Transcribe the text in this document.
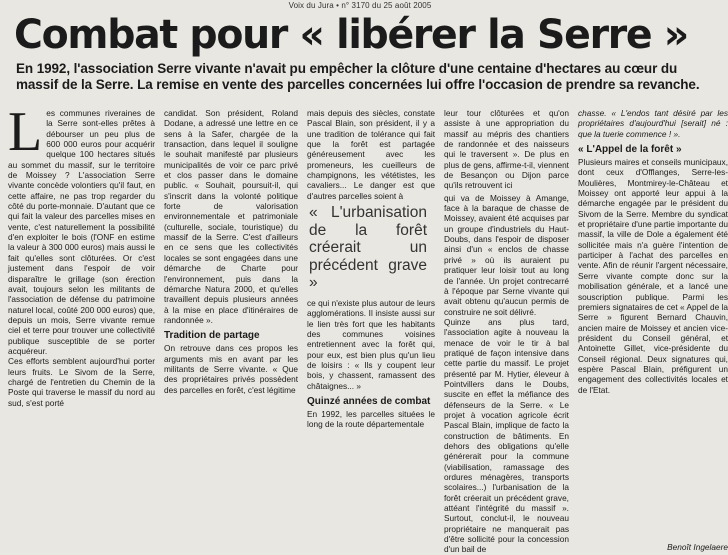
Voix du Jura • n° 3170 du 25 août 2005
Combat pour « libérer la Serre »
En 1992, l'association Serre vivante n'avait pu empêcher la clôture d'une centaine d'hectares au cœur du massif de la Serre. La remise en vente des parcelles concernées lui offre l'occasion de prendre sa revanche.
L es communes riveraines de la Serre sont-elles prêtes à débourser un peu plus de 600 000 euros pour acquérir quelque 100 hectares situés au sommet du massif, sur le territoire de Moissey ? L'association Serre vivante concède volontiers qu'il faut, en cette affaire, ne pas trop regarder du côté du porte-monnaie. D'autant que ce qui fait la valeur des parcelles mises en vente, c'est naturellement la possibilité d'en exploiter le bois (l'ONF en estime la valeur à 300 000 euros) mais aussi le fait qu'elles sont clôturées. Or c'est justement dans l'espoir de voir disparaître le grillage (son érection avait, toujours selon les militants de l'association de défense du patrimoine naturel local, coûté 200 000 euros) que, depuis un mois, Serre vivante remue ciel et terre pour trouver une collectivité publique susceptible de se porter acquéreur.

Ces efforts semblent aujourd'hui porter leurs fruits. Le Sivom de la Serre, chargé de l'entretien du Chemin de la Poste qui traverse le massif du nord au sud, s'est porté

candidat. Son président, Roland Dodane, a adressé une lettre en ce sens à la Safer, chargée de la transaction, dans lequel il souligne le souhait manifesté par plusieurs municipalités de voir ce parc privé et clos passer dans le domaine public. « Souhait, poursuit-il, qui s'inscrit dans la volonté politique forte de valorisation environnementale et patrimoniale (culturelle, sociale, touristique) du massif de la Serre. C'est d'ailleurs en ce sens que les collectivités locales se sont engagées dans une démarche de Charte pour l'environnement, puis dans la démarche Natura 2000, et qu'elles travaillent depuis plusieurs années à la mise en place d'itinéraires de randonnée ».

Tradition de partage

On retrouve dans ces propos les arguments mis en avant par les militants de Serre vivante. « Que des propriétaires privés possèdent des parcelles en forêt, c'est légitime

mais depuis des siècles, constate Pascal Blain, son président, il y a une tradition de tolérance qui fait que la forêt est partagée généreusement avec les promeneurs, les cueilleurs de champignons, les vététistes, les cavaliers... Le danger est que d'autres parcelles soient à

« L'urbanisation de la forêt créerait un précédent grave »

ce qui n'existe plus autour de leurs agglomérations. Il insiste aussi sur le lien très fort que les habitants des communes voisines entretiennent avec la forêt qui, pour eux, est bien plus qu'un lieu de loisirs : « Ils y coupent leur bois, y chassent, ramassent des châtaignes... »

Quinzé années de combat

En 1992, les parcelles situées le long de la route départementale

leur tour clôturées et qu'on assiste à une appropriation du massif au mépris des chantiers de randonnée et des naisseurs qui le traversent ». De plus en plus de gens, affirme-t-il, viennent de Besançon ou Dijon parce qu'ils retrouvent ici

qui va de Moissey à Amange, face à la baraque de chasse de Moissey, avaient été acquises par un groupe d'industriels du Haut-Doubs, dans l'espoir de disposer ainsi d'un « enclos de chasse privé » où ils auraient pu pratiquer leur loisir tout au long de l'année. Un projet contrecarré à l'époque par Serne vivante qui avait obtenu qu'aucun permis de construire ne soit délivré.

Quinze ans plus tard, l'association agite à nouveau la menace de voir le tir à bal pratiqué de façon intensive dans cette partie du massif. Le projet présenté par M. Hytier, éleveur à Pointvillers dans le Doubs, suscite en effet la méfiance des défenseurs de la Serre. « Le projet à vocation agricole écrit Pascal Blain, implique de facto la construction de bâtiments. En dehors des obligations qu'elle générerait pour la commune (viabilisation, ramassage des ordures ménagères, transports scolaires...) l'urbanisation de la forêt créerait un précédent grave, attéant l'intégrité du massif ». Surtout, conclut-il, le nouveau propriétaire ne manquerait pas d'être sollicité pour la concession d'un bail de

chasse. « L'endos tant désiré par les propriétaires d'aujourd'hui [serait] né : que la tuerie commence ! ».

« L'Appel de la forêt »

Plusieurs maires et conseils municipaux, dont ceux d'Offlanges, Serre-les-Moulières, Montmirey-le-Château et Moissey ont apporté leur appui à la démarche engagée par le président du Sivom de la Serre. Membre du syndicat et propriétaire d'une partie importante du massif, la ville de Dole a également été sollicitée mais n'a guère l'intention de participer à l'achat des parcelles en vente. Afin de réunir l'argent nécessaire, Serre vivante compte donc sur la mobilisation générale, et a lancé une souscription publique. Parmi les premiers signataires de cet « Appel de la Serre » figurent Bernard Chauvin, ancien maire de Moissey et ancien vice-président du Conseil général, et Antoinette Gillet, vice-présidente du Conseil régional. Deux signatures qui, espère Pascal Blain, préfigurent un engagement des collectivités locales et de l'Etat.

Benoît Ingelaere
